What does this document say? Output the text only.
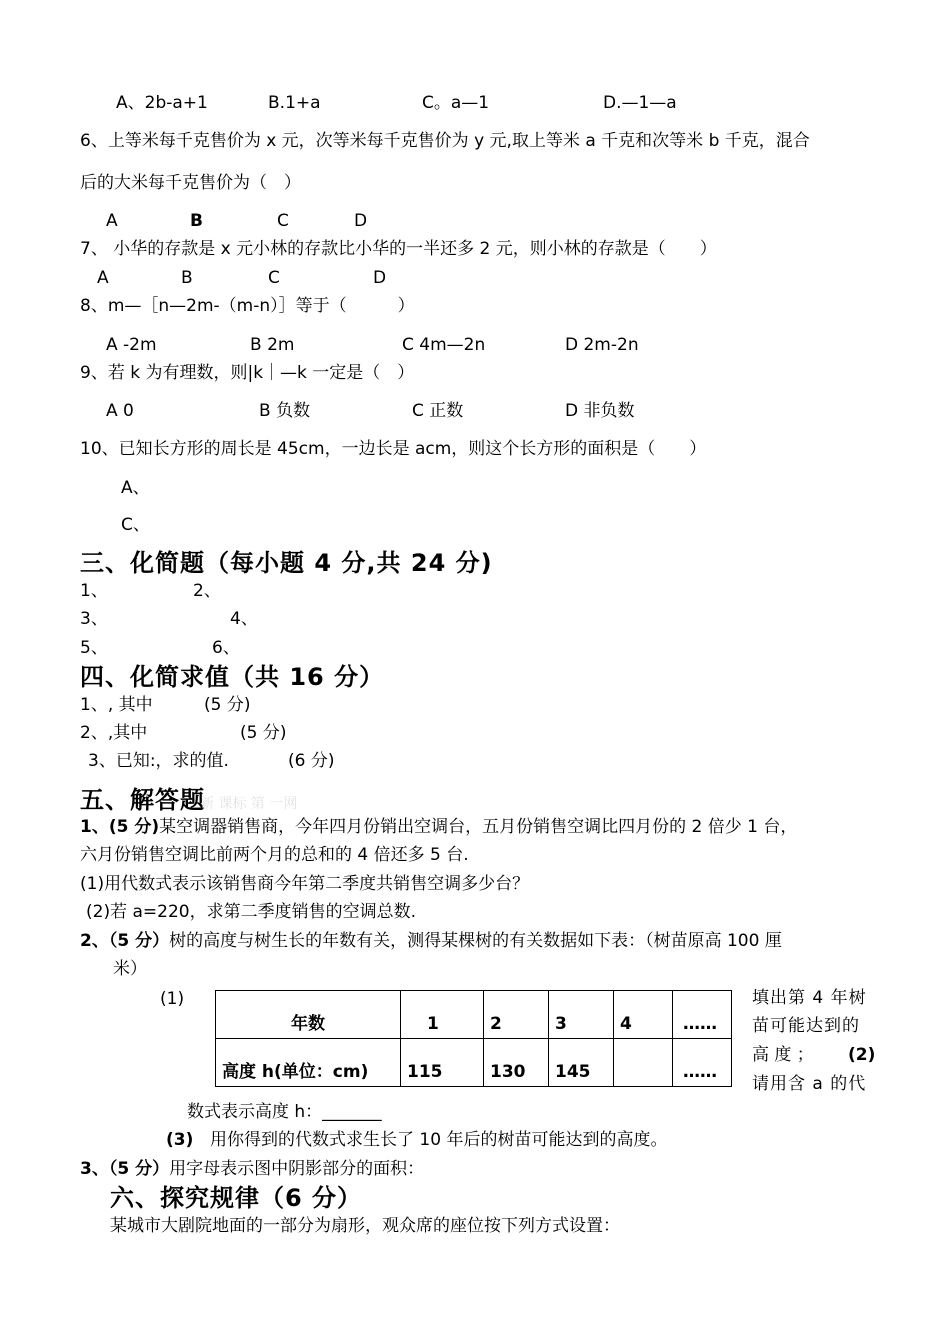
A、2b-a+1	B.1+a	C。a—1	D.—1—a
6、上等米每千克售价为 x 元，次等米每千克售价为 y 元,取上等米 a 千克和次等米 b 千克，混合
后的大米每千克售价为（　）
A	B	C	D
7、 小华的存款是 x 元小林的存款比小华的一半还多 2 元，则小林的存款是（　　）
A	B	C	D
8、m—［n—2m-（m-n）］等于（　　　）
A -2m	B 2m	C 4m—2n	D 2m-2n
9、若 k 为有理数，则|k｜—k 一定是（　）
A 0	B 负数	C 正数	D 非负数
10、已知长方形的周长是 45cm，一边长是 acm，则这个长方形的面积是（　　）
A、
C、
三、化简题（每小题 4 分,共 24 分)
1、	2、
3、	4、
5、	6、
四、化简求值（共 16 分）
1、, 其中	(5 分)
2、,其中	(5 分)
3、已知:，求的值.	(6 分)
新 课标 第 一网
五、解答题
1、(5 分)某空调器销售商，今年四月份销出空调台，五月份销售空调比四月份的 2 倍少 1 台，
六月份销售空调比前两个月的总和的 4 倍还多 5 台.
(1)用代数式表示该销售商今年第二季度共销售空调多少台？
(2)若 a=220，求第二季度销售的空调总数.
2、（5 分）树的高度与树生长的年数有关，测得某棵树的有关数据如下表：（树苗原高 100 厘
米）
(1)
年数	1	2	3	4	……
高度 h(单位：cm)	115	130	145		……
填出第 4 年树
苗可能达到的
高 度 ； (2)
请用含 a 的代
数式表示高度 h：_______
(3) 用你得到的代数式求生长了 10 年后的树苗可能达到的高度。
3、（5 分）用字母表示图中阴影部分的面积：
六、探究规律（6 分）
某城市大剧院地面的一部分为扇形，观众席的座位按下列方式设置：
